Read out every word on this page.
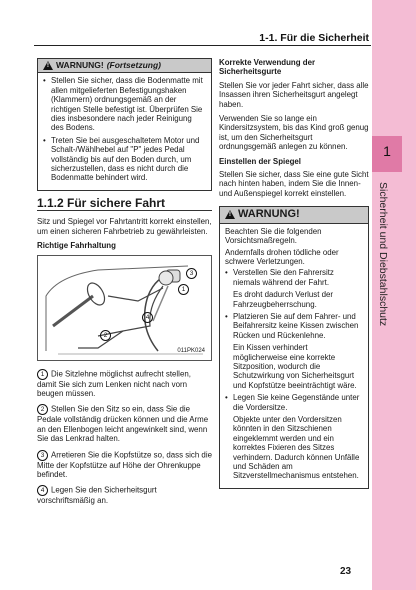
1-1. Für die Sicherheit
1
Sicherheit und Diebstahlschutz
! WARNUNG! (Fortsetzung)
• Stellen Sie sicher, dass die Bodenmatte mit allen mitgelieferten Befestigungshaken (Klammern) ordnungsgemäß an der richtigen Stelle befestigt ist. Überprüfen Sie dies insbesondere nach jeder Reinigung des Bodens.
• Treten Sie bei ausgeschaltetem Motor und Schalt-/Wählhebel auf "P" jedes Pedal vollständig bis auf den Boden durch, um sicherzustellen, dass es nicht durch die Bodenmatte behindert wird.
1.1.2 Für sichere Fahrt

Sitz und Spiegel vor Fahrtantritt korrekt einstellen, um einen sicheren Fahrbetrieb zu gewährleisten.

Richtige Fahrhaltung
3
1
4
2
011PK024
1 Die Sitzlehne möglichst aufrecht stellen, damit Sie sich zum Lenken nicht nach vorn beugen müssen.
2 Stellen Sie den Sitz so ein, dass Sie die Pedale vollständig drücken können und die Arme an den Ellenbogen leicht angewinkelt sind, wenn Sie das Lenkrad halten.
3 Arretieren Sie die Kopfstütze so, dass sich die Mitte der Kopfstütze auf Höhe der Ohrenkuppe befindet.
4 Legen Sie den Sicherheitsgurt vorschriftsmäßig an.
Korrekte Verwendung der Sicherheitsgurte

Stellen Sie vor jeder Fahrt sicher, dass alle Insassen ihren Sicherheitsgurt angelegt haben.

Verwenden Sie so lange ein Kindersitzsystem, bis das Kind groß genug ist, um den Sicherheitsgurt ordnungsgemäß anlegen zu können.

Einstellen der Spiegel

Stellen Sie sicher, dass Sie eine gute Sicht nach hinten haben, indem Sie die Innen- und Außenspiegel korrekt einstellen.

! WARNUNG!

Beachten Sie die folgenden Vorsichtsmaßregeln.

Andernfalls drohen tödliche oder schwere Verletzungen.

• Verstellen Sie den Fahrersitz niemals während der Fahrt.
Es droht dadurch Verlust der Fahrzeugbeherrschung.
• Platzieren Sie auf dem Fahrer- und Beifahrersitz keine Kissen zwischen Rücken und Rückenlehne.
Ein Kissen verhindert möglicherweise eine korrekte Sitzposition, wodurch die Schutzwirkung von Sicherheitsgurt und Kopfstütze beeinträchtigt wäre.
• Legen Sie keine Gegenstände unter die Vordersitze.
Objekte unter den Vordersitzen könnten in den Sitzschienen eingeklemmt werden und ein korrektes Fixieren des Sitzes verhindern. Dadurch können Unfälle und Schäden am Sitzverstellmechanismus entstehen.
23
